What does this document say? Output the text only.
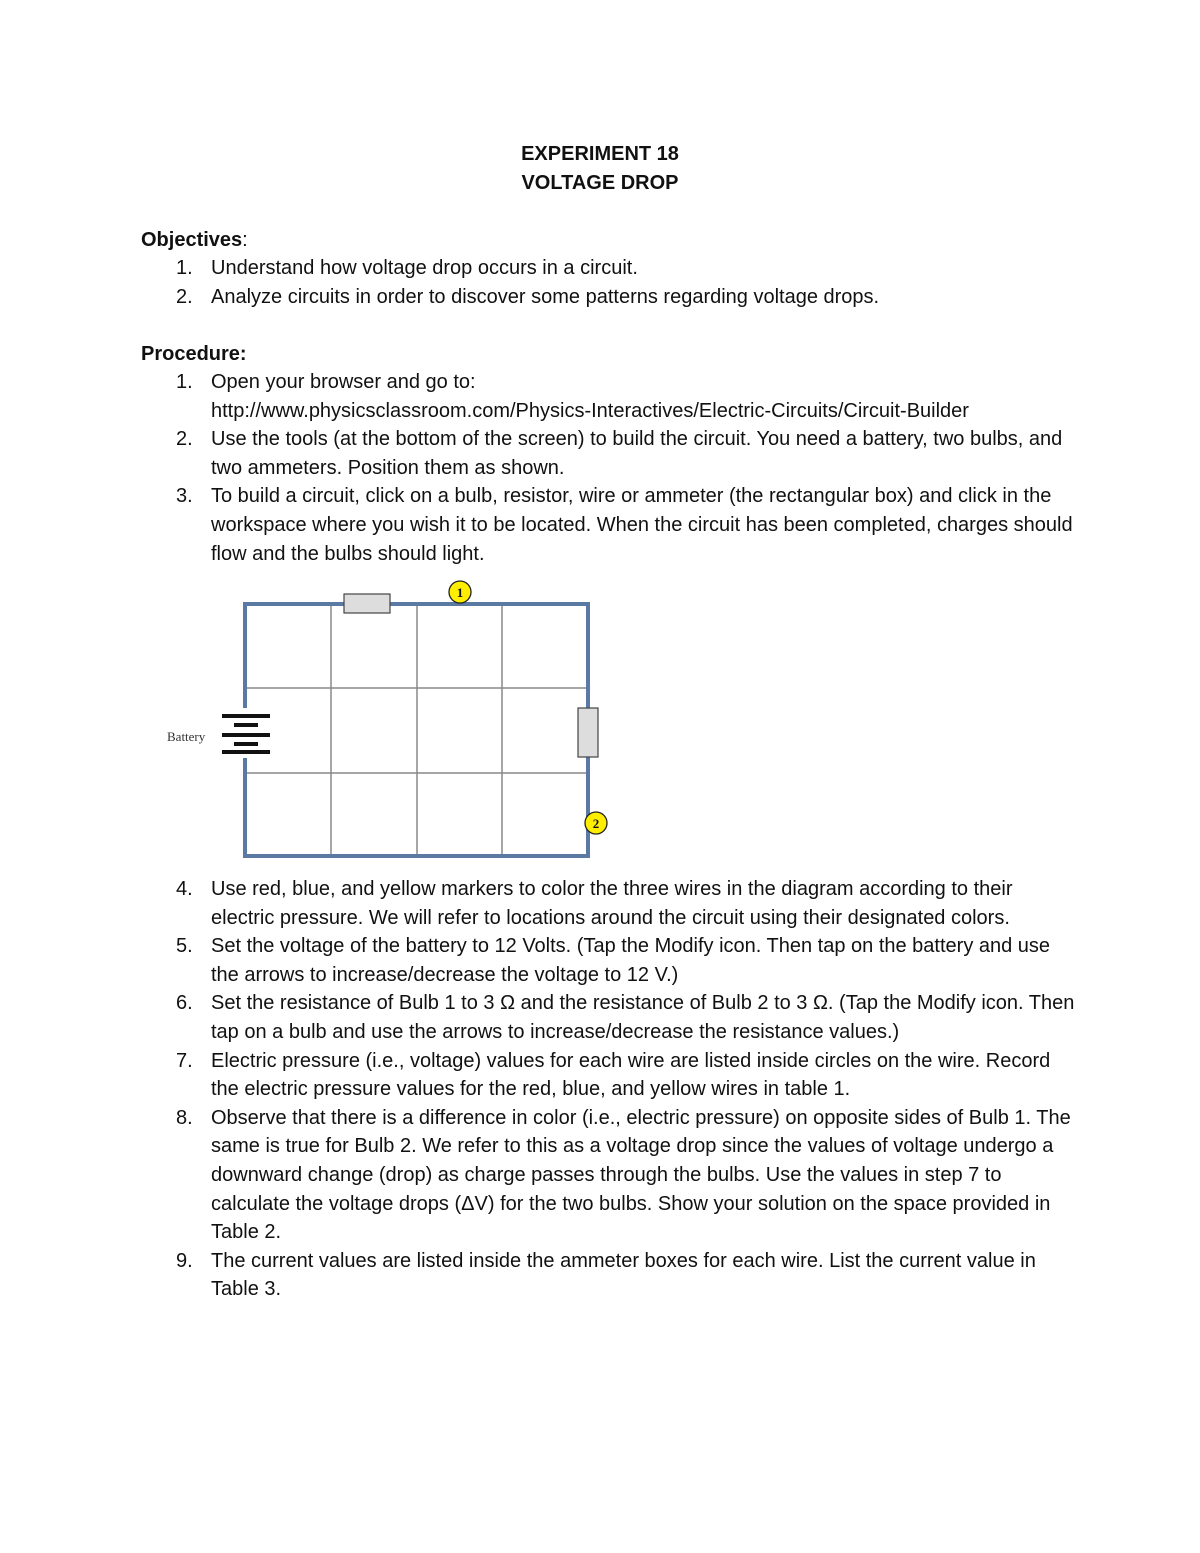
EXPERIMENT 18
VOLTAGE DROP
Objectives:
1. Understand how voltage drop occurs in a circuit.
2. Analyze circuits in order to discover some patterns regarding voltage drops.
Procedure:
1. Open your browser and go to:
http://www.physicsclassroom.com/Physics-Interactives/Electric-Circuits/Circuit-Builder
2. Use the tools (at the bottom of the screen) to build the circuit. You need a battery, two bulbs, and two ammeters. Position them as shown.
3. To build a circuit, click on a bulb, resistor, wire or ammeter (the rectangular box) and click in the workspace where you wish it to be located. When the circuit has been completed, charges should flow and the bulbs should light.
Battery
1
2
4. Use red, blue, and yellow markers to color the three wires in the diagram according to their electric pressure. We will refer to locations around the circuit using their designated colors.
5. Set the voltage of the battery to 12 Volts. (Tap the Modify icon. Then tap on the battery and use the arrows to increase/decrease the voltage to 12 V.)
6. Set the resistance of Bulb 1 to 3 Ω and the resistance of Bulb 2 to 3 Ω. (Tap the Modify icon. Then tap on a bulb and use the arrows to increase/decrease the resistance values.)
7. Electric pressure (i.e., voltage) values for each wire are listed inside circles on the wire. Record the electric pressure values for the red, blue, and yellow wires in table 1.
8. Observe that there is a difference in color (i.e., electric pressure) on opposite sides of Bulb 1. The same is true for Bulb 2. We refer to this as a voltage drop since the values of voltage undergo a downward change (drop) as charge passes through the bulbs. Use the values in step 7 to calculate the voltage drops (ΔV) for the two bulbs. Show your solution on the space provided in Table 2.
9. The current values are listed inside the ammeter boxes for each wire. List the current value in Table 3.
